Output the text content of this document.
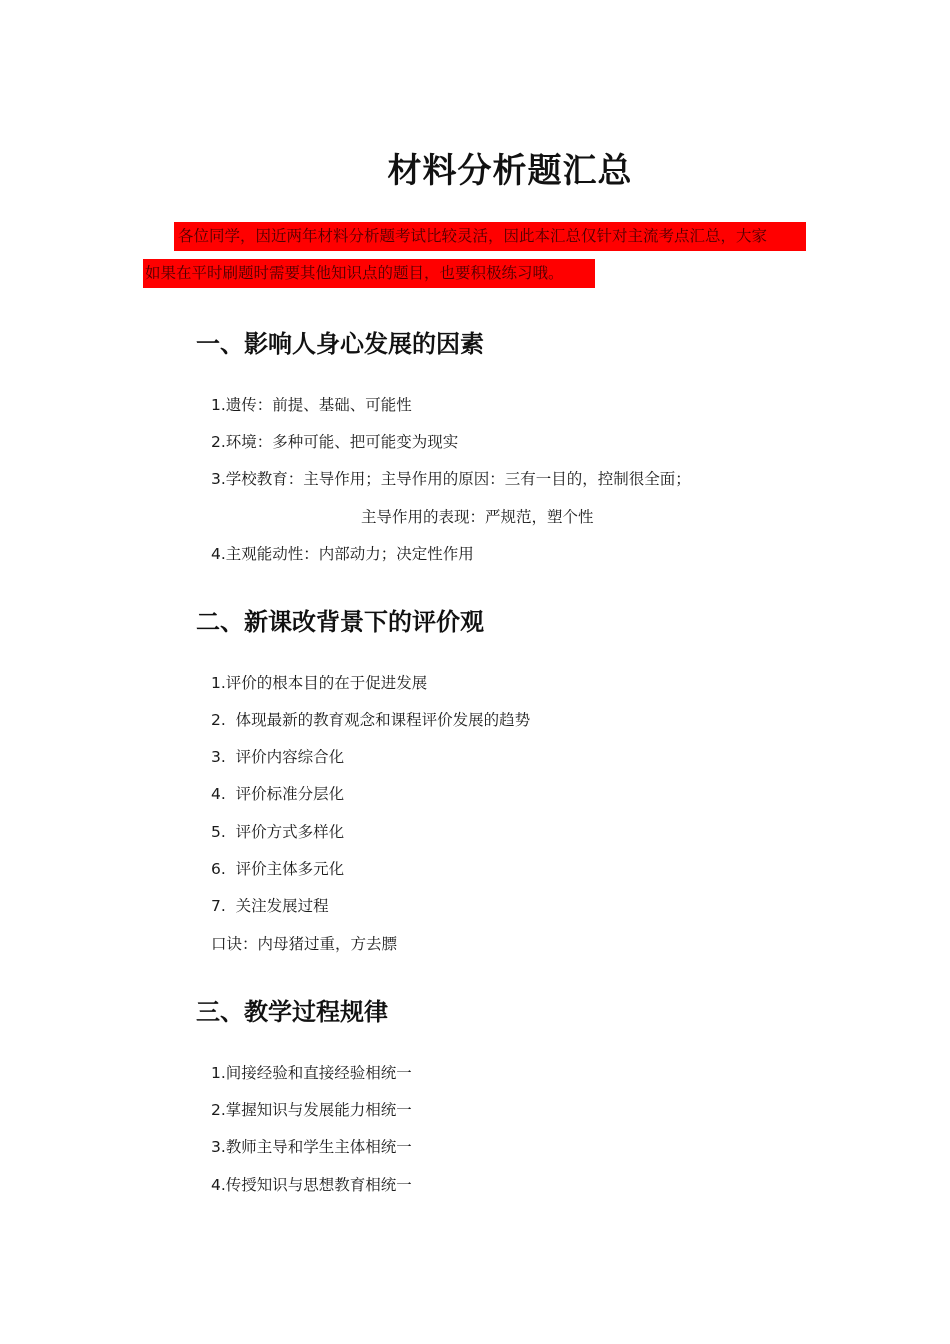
材料分析题汇总
各位同学，因近两年材料分析题考试比较灵活，因此本汇总仅针对主流考点汇总，大家
如果在平时刷题时需要其他知识点的题目，也要积极练习哦。
一、影响人身心发展的因素
1.遗传：前提、基础、可能性
2.环境：多种可能、把可能变为现实
3.学校教育：主导作用；主导作用的原因：三有一目的，控制很全面；
主导作用的表现：严规范，塑个性
4.主观能动性：内部动力；决定性作用
二、新课改背景下的评价观
1.评价的根本目的在于促进发展
2.  体现最新的教育观念和课程评价发展的趋势
3.  评价内容综合化
4.  评价标准分层化
5.  评价方式多样化
6.  评价主体多元化
7.  关注发展过程
口诀：内母猪过重，方去膘
三、教学过程规律
1.间接经验和直接经验相统一
2.掌握知识与发展能力相统一
3.教师主导和学生主体相统一
4.传授知识与思想教育相统一
